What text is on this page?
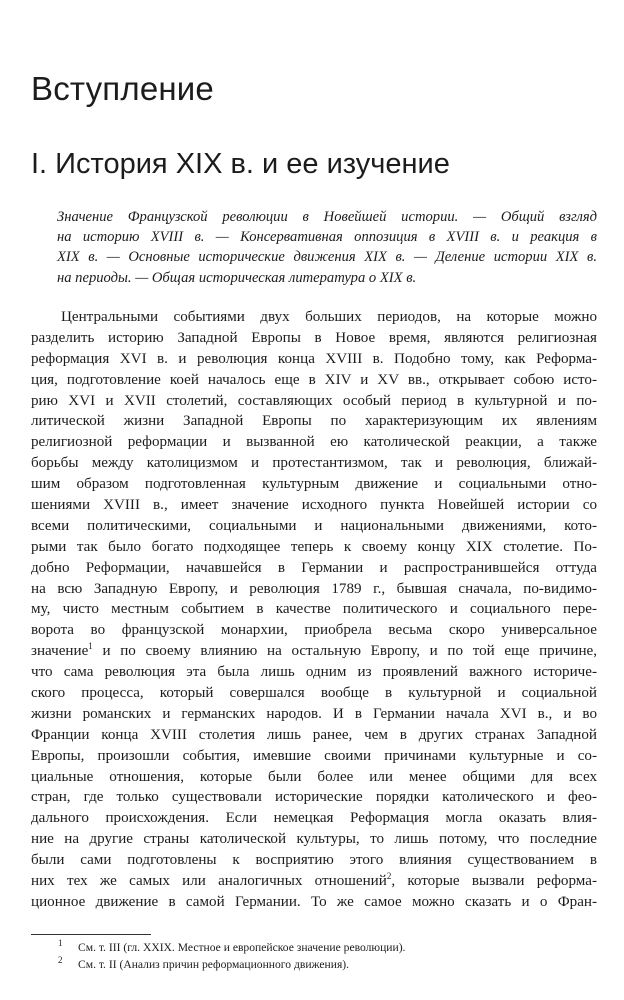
Вступление
I. История XIX в. и ее изучение
Значение Французской революции в Новейшей истории. — Общий взгляд
на историю XVIII в. — Консервативная оппозиция в XVIII в. и реакция в
XIX в. — Основные исторические движения XIX в. — Деление истории XIX в.
на периоды. — Общая историческая литература о XIX в.
Центральными событиями двух больших периодов, на которые можно
разделить историю Западной Европы в Новое время, являются религиозная
реформация XVI в. и революция конца XVIII в. Подобно тому, как Реформа-
ция, подготовление коей началось еще в XIV и XV вв., открывает собою исто-
рию XVI и XVII столетий, составляющих особый период в культурной и по-
литической жизни Западной Европы по характеризующим их явлениям
религиозной реформации и вызванной ею католической реакции, а также
борьбы между католицизмом и протестантизмом, так и революция, ближай-
шим образом подготовленная культурным движение и социальными отно-
шениями XVIII в., имеет значение исходного пункта Новейшей истории со
всеми политическими, социальными и национальными движениями, кото-
рыми так было богато подходящее теперь к своему концу XIX столетие. По-
добно Реформации, начавшейся в Германии и распространившейся оттуда
на всю Западную Европу, и революция 1789 г., бывшая сначала, по-видимо-
му, чисто местным событием в качестве политического и социального пере-
ворота во французской монархии, приобрела весьма скоро универсальное
значение$^1$ и по своему влиянию на остальную Европу, и по той еще причине,
что сама революция эта была лишь одним из проявлений важного историче-
ского процесса, который совершался вообще в культурной и социальной
жизни романских и германских народов. И в Германии начала XVI в., и во
Франции конца XVIII столетия лишь ранее, чем в других странах Западной
Европы, произошли события, имевшие своими причинами культурные и со-
циальные отношения, которые были более или менее общими для всех
стран, где только существовали исторические порядки католического и фео-
дального происхождения. Если немецкая Реформация могла оказать влия-
ние на другие страны католической культуры, то лишь потому, что последние
были сами подготовлены к восприятию этого влияния существованием в
них тех же самых или аналогичных отношений$^2$, которые вызвали реформа-
ционное движение в самой Германии. То же самое можно сказать и о Фран-
1 См. т. III (гл. XXIX. Местное и европейское значение революции).
2 См. т. II (Анализ причин реформационного движения).
